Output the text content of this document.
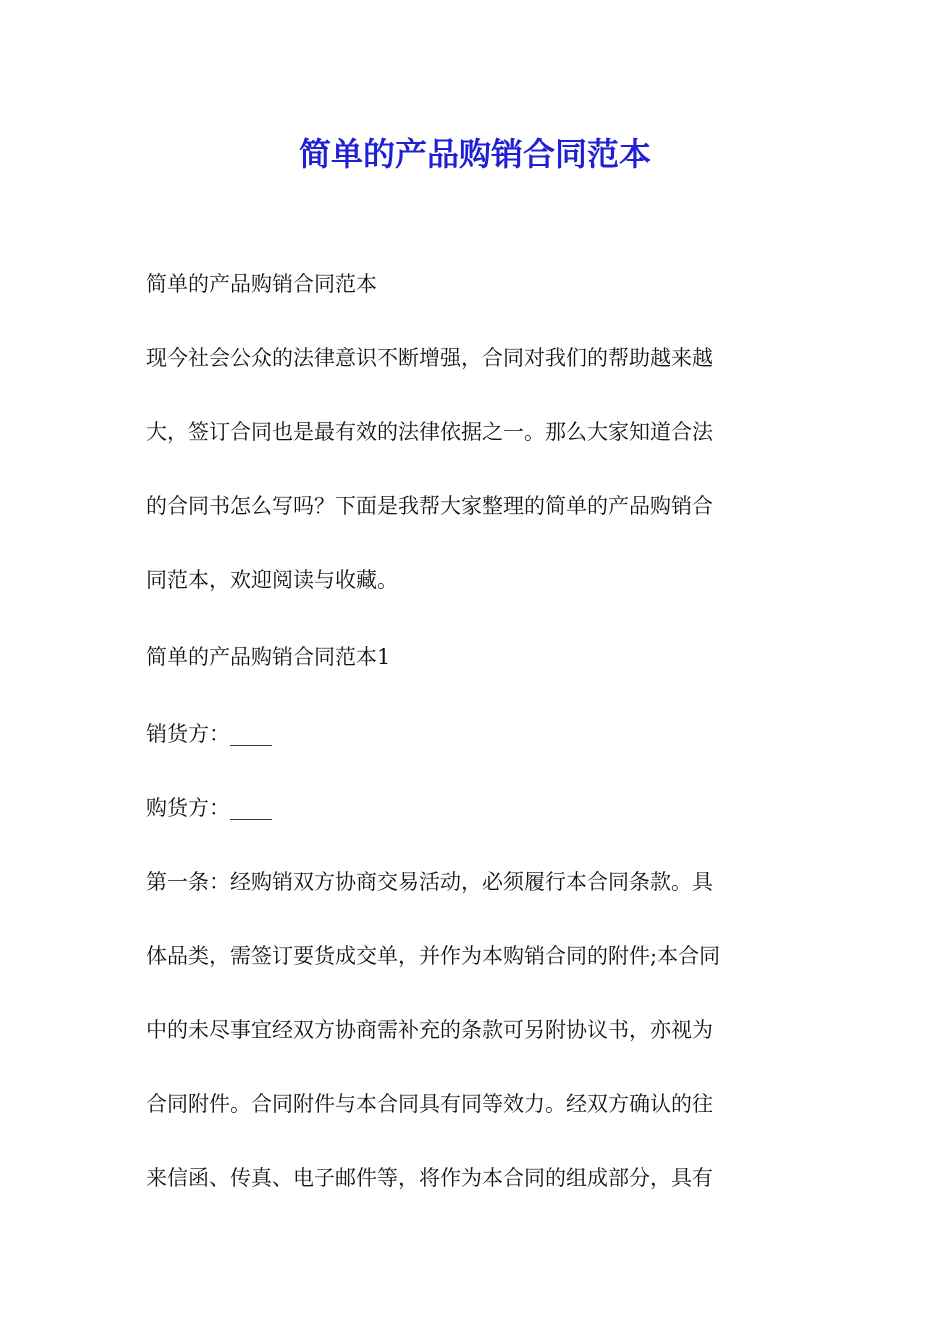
简单的产品购销合同范本

简单的产品购销合同范本

现今社会公众的法律意识不断增强，合同对我们的帮助越来越

大，签订合同也是最有效的法律依据之一。那么大家知道合法

的合同书怎么写吗？下面是我帮大家整理的简单的产品购销合

同范本，欢迎阅读与收藏。

简单的产品购销合同范本1

销货方：____

购货方：____

第一条：经购销双方协商交易活动，必须履行本合同条款。具

体品类，需签订要货成交单，并作为本购销合同的附件;本合同

中的未尽事宜经双方协商需补充的条款可另附协议书，亦视为

合同附件。合同附件与本合同具有同等效力。经双方确认的往

来信函、传真、电子邮件等，将作为本合同的组成部分，具有
